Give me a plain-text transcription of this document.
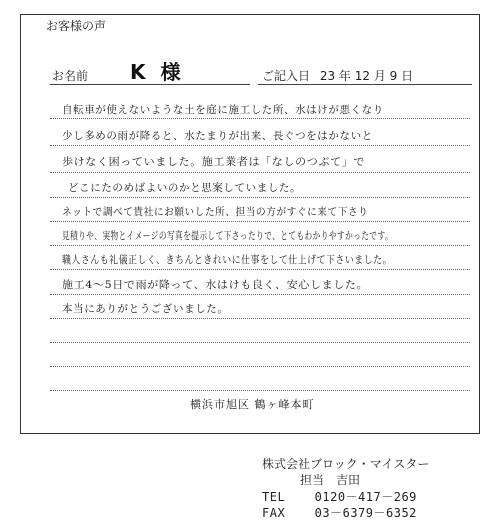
お客様の声
お名前 K 様	ご記入日 23 年 12 月 9 日
自転車が使えないような土を庭に施工した所、水はけが悪くなり
少し多めの雨が降ると、水たまりが出来、長ぐつをはかないと
歩けなく困っていました。施工業者は「なしのつぶて」で
どこにたのめばよいのかと思案していました。
ネットで調べて貴社にお願いした所、担当の方がすぐに来て下さり
見積りや、実物とイメージの写真を提示して下さったりで、とてもわかりやすかったです。
職人さんも礼儀正しく、きちんときれいに仕事をして仕上げて下さいました。
施工4〜5日で雨が降って、水はけも良く、安心しました。
本当にありがとうございました。
横浜市旭区 鶴ヶ峰本町
株式会社ブロック・マイスター
担当　吉田
TEL 0120－417－269
FAX 03－6379－6352
